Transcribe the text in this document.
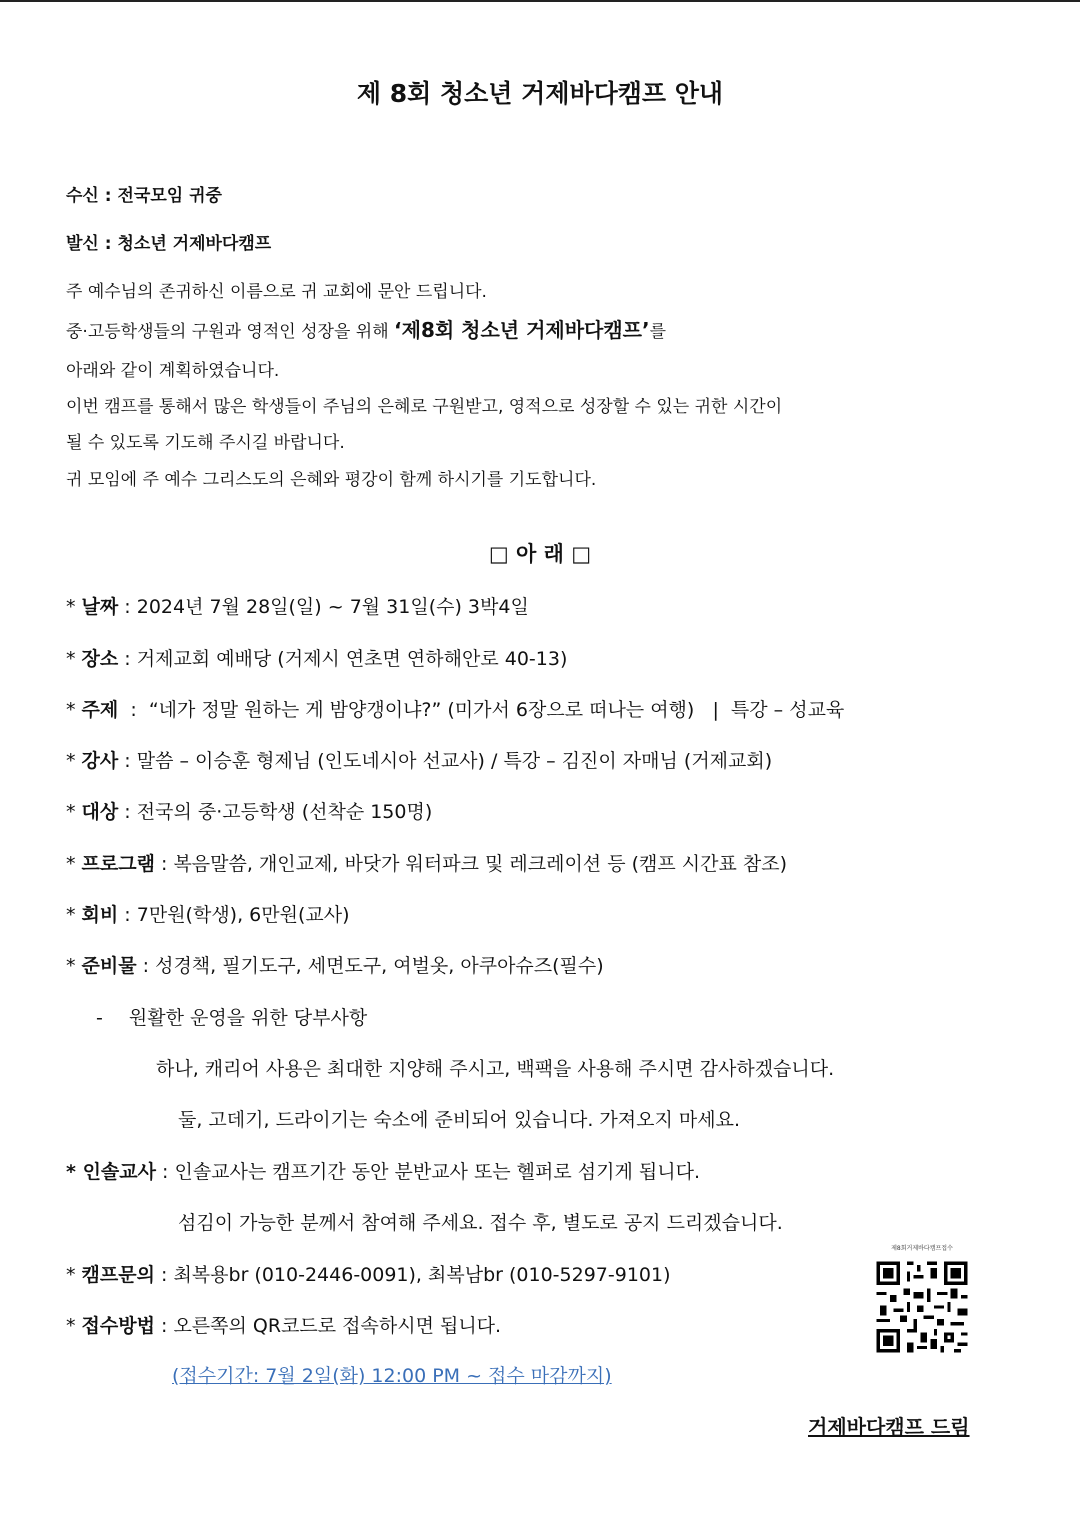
제 8회 청소년 거제바다캠프 안내
수신 : 전국모임 귀중
발신 : 청소년 거제바다캠프
주 예수님의 존귀하신 이름으로 귀 교회에 문안 드립니다.
중·고등학생들의 구원과 영적인 성장을 위해 ‘제8회 청소년 거제바다캠프’를
아래와 같이 계획하였습니다.
이번 캠프를 통해서 많은 학생들이 주님의 은혜로 구원받고, 영적으로 성장할 수 있는 귀한 시간이
될 수 있도록 기도해 주시길 바랍니다.
귀 모임에 주 예수 그리스도의 은혜와 평강이 함께 하시기를 기도합니다.
□ 아 래 □
* 날짜 : 2024년 7월 28일(일) ~ 7월 31일(수) 3박4일
* 장소 : 거제교회 예배당 (거제시 연초면 연하해안로 40-13)
* 주제  :  “네가 정말 원하는 게 밤양갱이냐?” (미가서 6장으로 떠나는 여행)   |  특강 – 성교육
* 강사 : 말씀 – 이승훈 형제님 (인도네시아 선교사) / 특강 – 김진이 자매님 (거제교회)
* 대상 : 전국의 중·고등학생 (선착순 150명)
* 프로그램 : 복음말씀, 개인교제, 바닷가 워터파크 및 레크레이션 등 (캠프 시간표 참조)
* 회비 : 7만원(학생), 6만원(교사)
* 준비물 : 성경책, 필기도구, 세면도구, 여벌옷, 아쿠아슈즈(필수)
- 원활한 운영을 위한 당부사항
하나, 캐리어 사용은 최대한 지양해 주시고, 백팩을 사용해 주시면 감사하겠습니다.
둘, 고데기, 드라이기는 숙소에 준비되어 있습니다. 가져오지 마세요.
* 인솔교사 : 인솔교사는 캠프기간 동안 분반교사 또는 헬퍼로 섬기게 됩니다.
섬김이 가능한 분께서 참여해 주세요. 접수 후, 별도로 공지 드리겠습니다.
* 캠프문의 : 최복용br (010-2446-0091), 최복남br (010-5297-9101)
* 접수방법 : 오른쪽의 QR코드로 접속하시면 됩니다.
(접수기간: 7월 2일(화) 12:00 PM ~ 접수 마감까지)
제8회거제바다캠프접수
거제바다캠프 드림
